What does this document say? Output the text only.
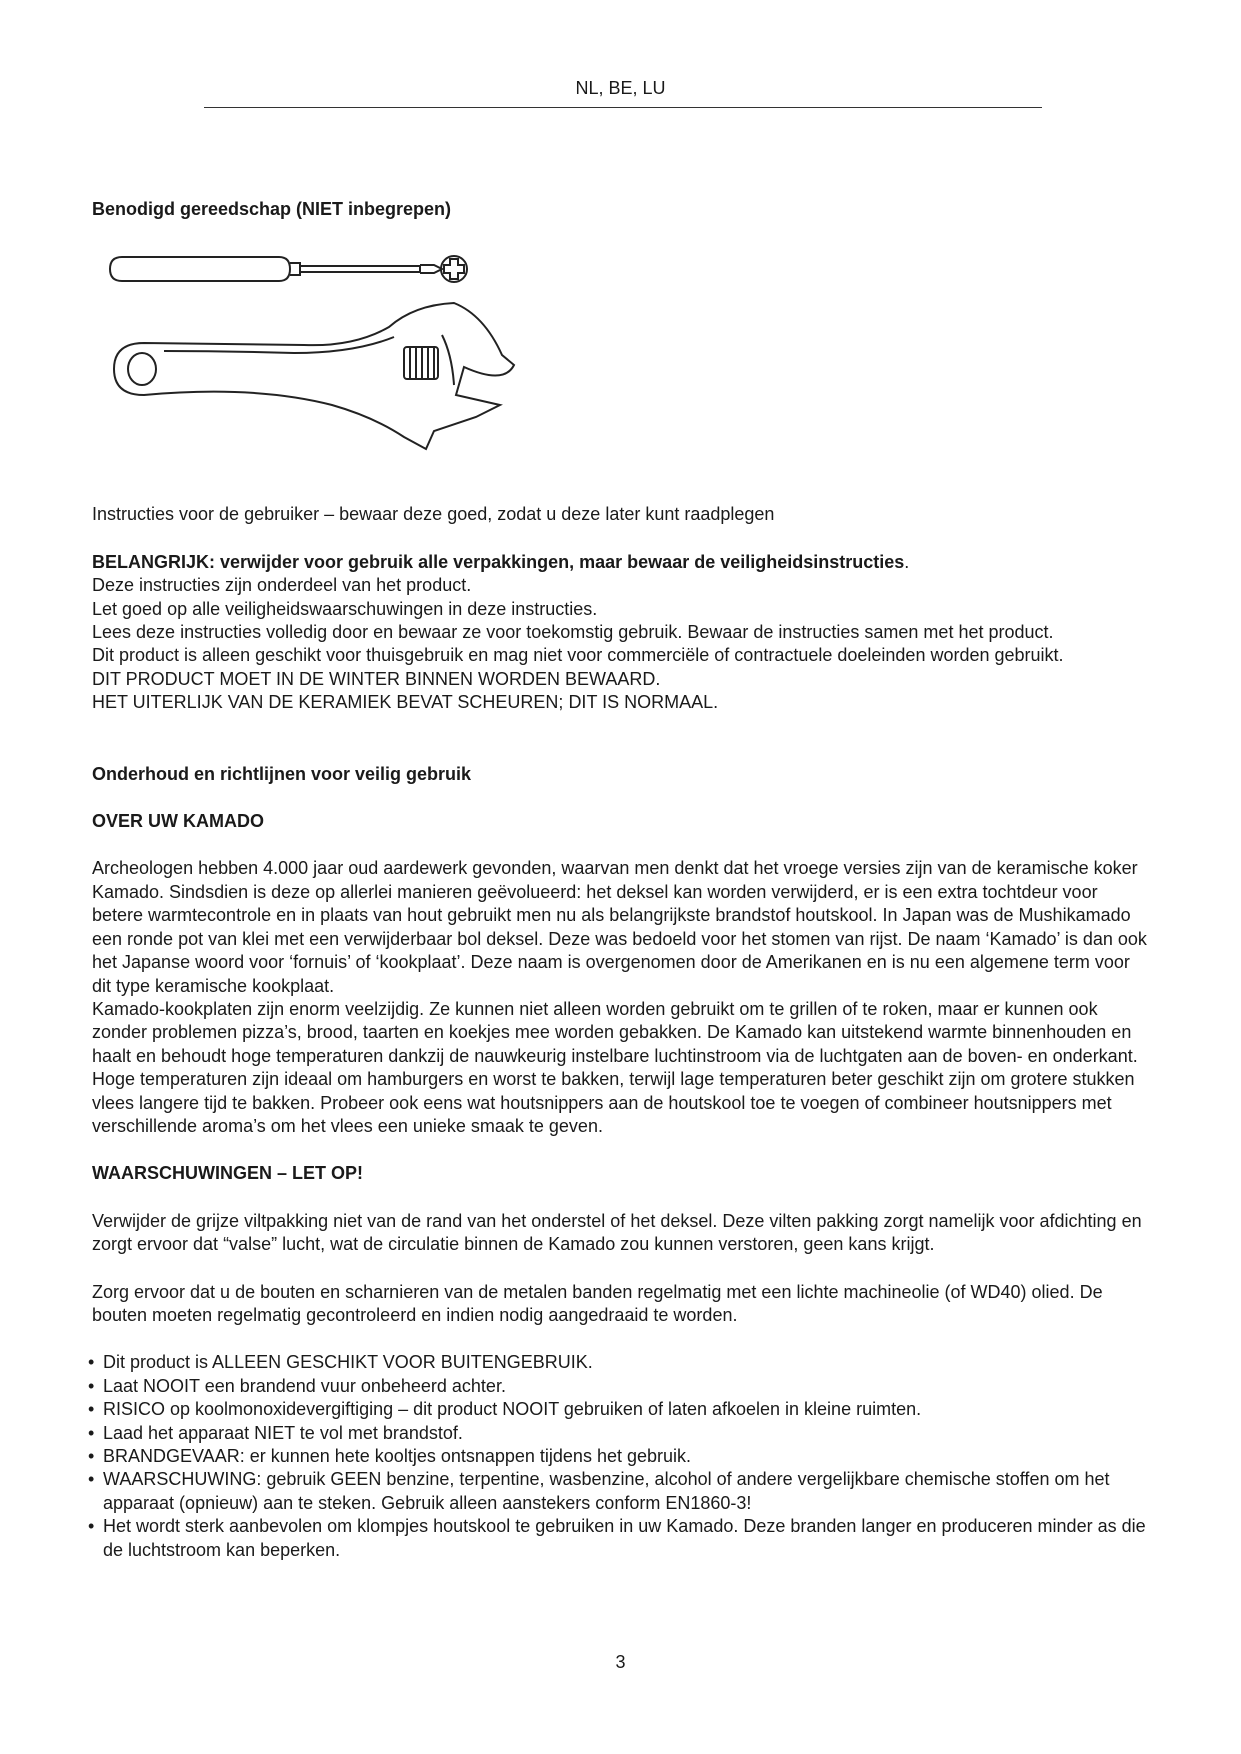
NL, BE, LU
Benodigd gereedschap (NIET inbegrepen)

Instructies voor de gebruiker – bewaar deze goed, zodat u deze later kunt raadplegen

BELANGRIJK: verwijder voor gebruik alle verpakkingen, maar bewaar de veiligheidsinstructies.

Deze instructies zijn onderdeel van het product.

Let goed op alle veiligheidswaarschuwingen in deze instructies.

Lees deze instructies volledig door en bewaar ze voor toekomstig gebruik. Bewaar de instructies samen met het product.

Dit product is alleen geschikt voor thuisgebruik en mag niet voor commerciële of contractuele doeleinden worden gebruikt.

DIT PRODUCT MOET IN DE WINTER BINNEN WORDEN BEWAARD.

HET UITERLIJK VAN DE KERAMIEK BEVAT SCHEUREN; DIT IS NORMAAL.

Onderhoud en richtlijnen voor veilig gebruik
OVER UW KAMADO

Archeologen hebben 4.000 jaar oud aardewerk gevonden, waarvan men denkt dat het vroege versies zijn van de keramische koker Kamado. Sindsdien is deze op allerlei manieren geëvolueerd: het deksel kan worden verwijderd, er is een extra tochtdeur voor betere warmtecontrole en in plaats van hout gebruikt men nu als belangrijkste brandstof houtskool. In Japan was de Mushikamado een ronde pot van klei met een verwijderbaar bol deksel. Deze was bedoeld voor het stomen van rijst. De naam ‘Kamado’ is dan ook het Japanse woord voor ‘fornuis’ of ‘kookplaat’. Deze naam is overgenomen door de Amerikanen en is nu een algemene term voor dit type keramische kookplaat.

Kamado-kookplaten zijn enorm veelzijdig. Ze kunnen niet alleen worden gebruikt om te grillen of te roken, maar er kunnen ook zonder problemen pizza’s, brood, taarten en koekjes mee worden gebakken. De Kamado kan uitstekend warmte binnenhouden en haalt en behoudt hoge temperaturen dankzij de nauwkeurig instelbare luchtinstroom via de luchtgaten aan de boven- en onderkant. Hoge temperaturen zijn ideaal om hamburgers en worst te bakken, terwijl lage temperaturen beter geschikt zijn om grotere stukken vlees langere tijd te bakken. Probeer ook eens wat houtsnippers aan de houtskool toe te voegen of combineer houtsnippers met verschillende aroma’s om het vlees een unieke smaak te geven.

WAARSCHUWINGEN – LET OP!

Verwijder de grijze viltpakking niet van de rand van het onderstel of het deksel. Deze vilten pakking zorgt namelijk voor afdichting en zorgt ervoor dat “valse” lucht, wat de circulatie binnen de Kamado zou kunnen verstoren, geen kans krijgt.

Zorg ervoor dat u de bouten en scharnieren van de metalen banden regelmatig met een lichte machineolie (of WD40) olied. De bouten moeten regelmatig gecontroleerd en indien nodig aangedraaid te worden.

• Dit product is ALLEEN GESCHIKT VOOR BUITENGEBRUIK.
• Laat NOOIT een brandend vuur onbeheerd achter.
• RISICO op koolmonoxidevergiftiging – dit product NOOIT gebruiken of laten afkoelen in kleine ruimten.
• Laad het apparaat NIET te vol met brandstof.
• BRANDGEVAAR: er kunnen hete kooltjes ontsnappen tijdens het gebruik.
• WAARSCHUWING: gebruik GEEN benzine, terpentine, wasbenzine, alcohol of andere vergelijkbare chemische stoffen om het apparaat (opnieuw) aan te steken. Gebruik alleen aanstekers conform EN1860-3!
• Het wordt sterk aanbevolen om klompjes houtskool te gebruiken in uw Kamado. Deze branden langer en produceren minder as die de luchtstroom kan beperken.
3
